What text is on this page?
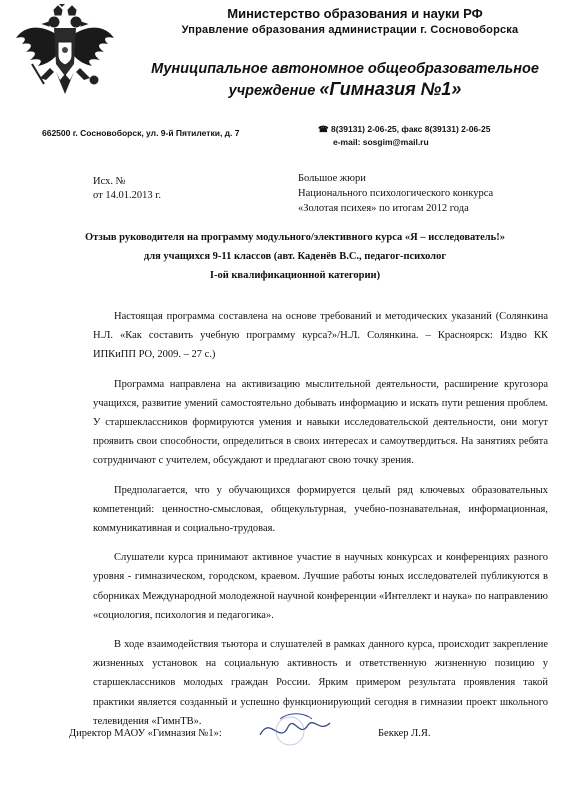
Министерство образования и науки РФ
Управление образования администрации г. Сосновоборска
Муниципальное автономное общеобразовательное
учреждение «Гимназия №1»
662500 г. Сосновоборск, ул. 9-й Пятилетки, д. 7	☎ 8(39131) 2-06-25, факс 8(39131) 2-06-25
e-mail: sosgim@mail.ru
Исх. №
от 14.01.2013 г.
Большое жюри
Национального психологического конкурса
«Золотая психея» по итогам 2012 года
Отзыв руководителя на программу модульного/элективного курса «Я – исследователь!»
для учащихся 9-11 классов (авт. Каденёв В.С., педагог-психолог
I-ой квалификационной категории)

Настоящая программа составлена на основе требований и методических указаний (Солянкина Н.Л. «Как составить учебную программу курса?»/Н.Л. Солянкина. – Красноярск: Издво КК ИПКиПП РО, 2009. – 27 с.)

Программа направлена на активизацию мыслительной деятельности, расширение кругозора учащихся, развитие умений самостоятельно добывать информацию и искать пути решения проблем. У старшеклассников формируются умения и навыки исследовательской деятельности, они могут проявить свои способности, определиться в своих интересах и самоутвердиться. На занятиях ребята сотрудничают с учителем, обсуждают и предлагают свою точку зрения.

Предполагается, что у обучающихся формируется целый ряд ключевых образовательных компетенций: ценностно-смысловая, общекультурная, учебно-познавательная, информационная, коммуникативная и социально-трудовая.

Слушатели курса принимают активное участие в научных конкурсах и конференциях разного уровня - гимназическом, городском, краевом. Лучшие работы юных исследователей публикуются в сборниках Международной молодежной научной конференции «Интеллект и наука» по направлению «социология, психология и педагогика».

В ходе взаимодействия тьютора и слушателей в рамках данного курса, происходит закрепление жизненных установок на социальную активность и ответственную жизненную позицию у старшеклассников молодых граждан России. Ярким примером результата проявления такой практики является созданный и успешно функционирующий сегодня в гимназии проект школьного телевидения «ГимнТВ».

Директор МАОУ «Гимназия №1»:	Беккер Л.Я.
